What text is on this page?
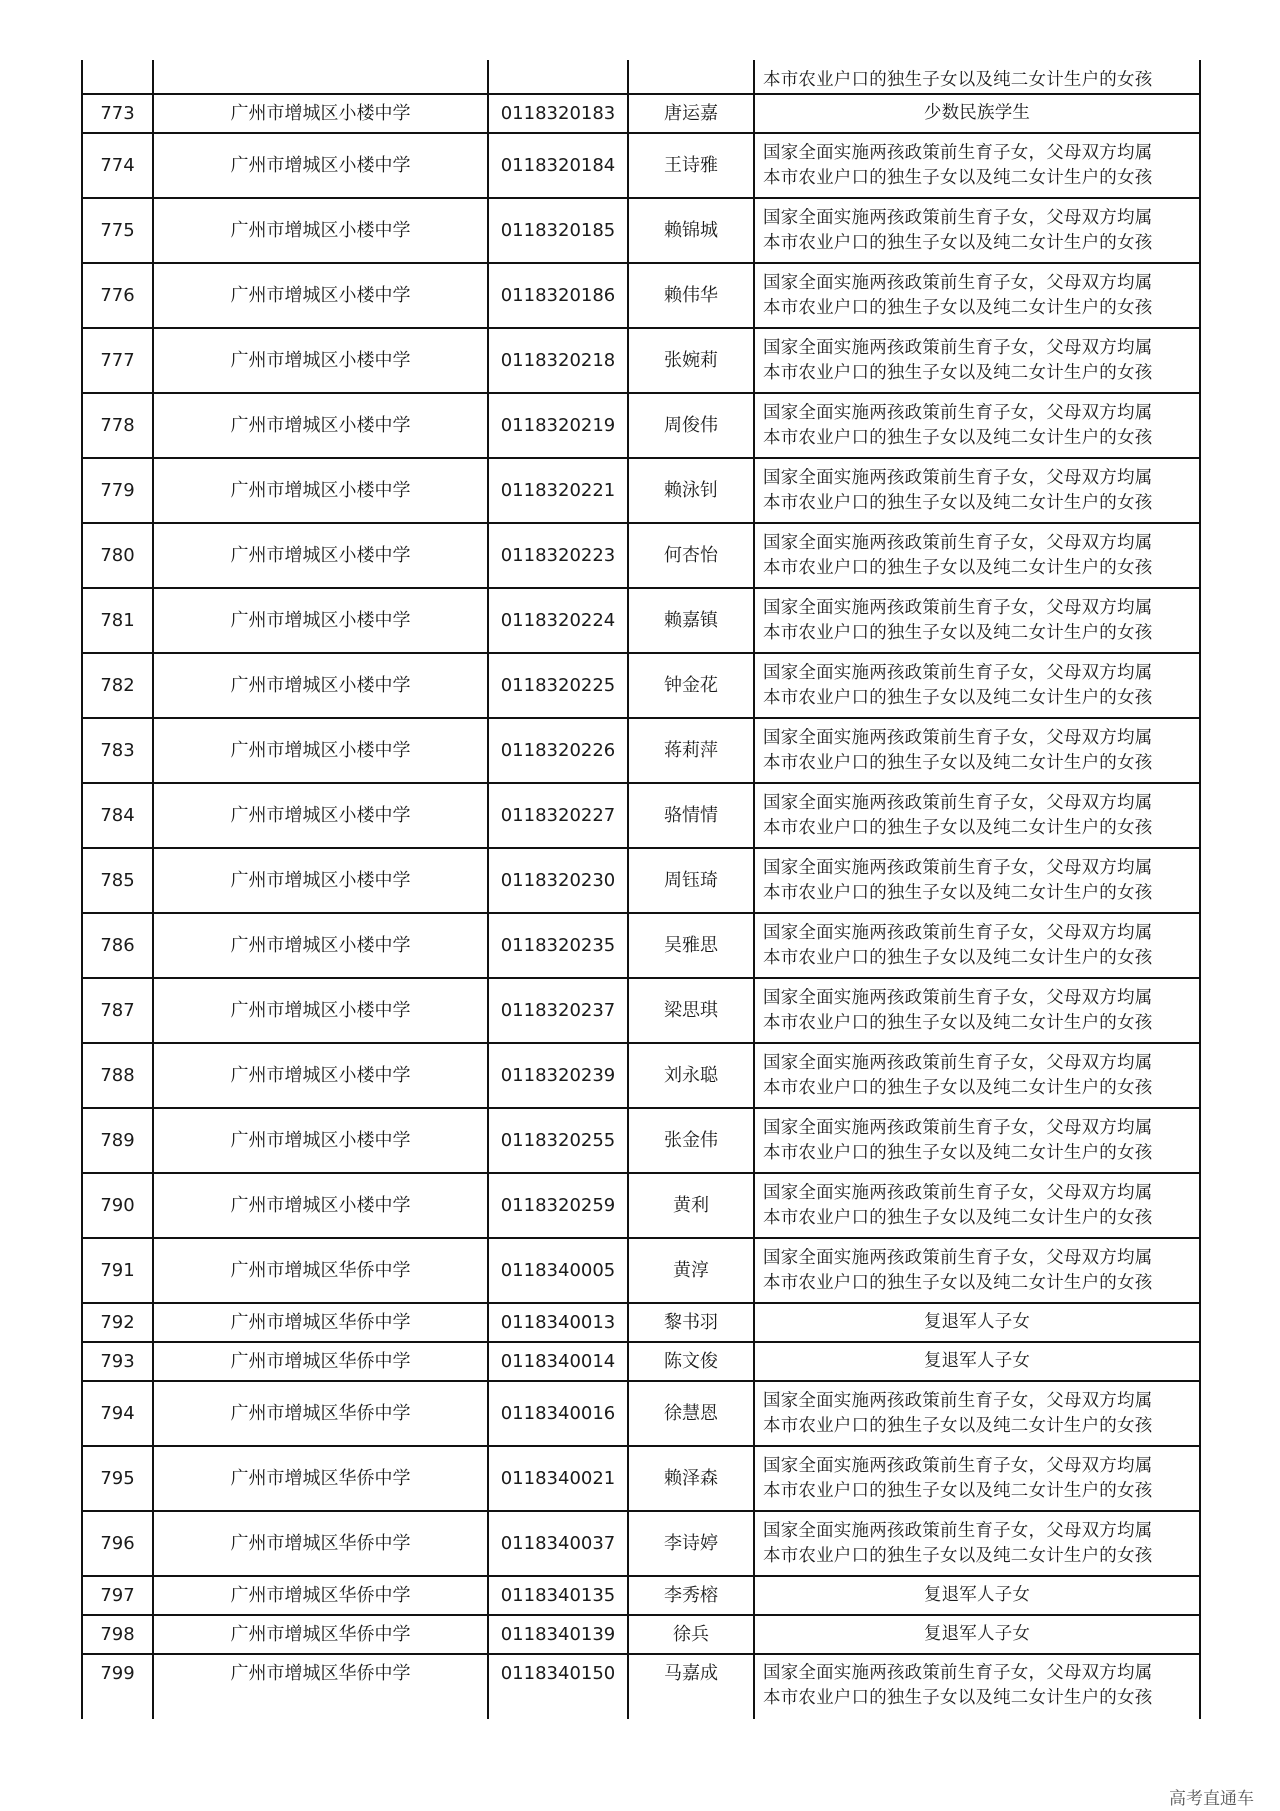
				本市农业户口的独生子女以及纯二女计生户的女孩
773	广州市增城区小楼中学	0118320183	唐运嘉	少数民族学生
774	广州市增城区小楼中学	0118320184	王诗雅	国家全面实施两孩政策前生育子女，父母双方均属
本市农业户口的独生子女以及纯二女计生户的女孩

775	广州市增城区小楼中学	0118320185	赖锦城	国家全面实施两孩政策前生育子女，父母双方均属
本市农业户口的独生子女以及纯二女计生户的女孩

776	广州市增城区小楼中学	0118320186	赖伟华	国家全面实施两孩政策前生育子女，父母双方均属
本市农业户口的独生子女以及纯二女计生户的女孩

777	广州市增城区小楼中学	0118320218	张婉莉	国家全面实施两孩政策前生育子女，父母双方均属
本市农业户口的独生子女以及纯二女计生户的女孩

778	广州市增城区小楼中学	0118320219	周俊伟	国家全面实施两孩政策前生育子女，父母双方均属
本市农业户口的独生子女以及纯二女计生户的女孩

779	广州市增城区小楼中学	0118320221	赖泳钊	国家全面实施两孩政策前生育子女，父母双方均属
本市农业户口的独生子女以及纯二女计生户的女孩

780	广州市增城区小楼中学	0118320223	何杏怡	国家全面实施两孩政策前生育子女，父母双方均属
本市农业户口的独生子女以及纯二女计生户的女孩

781	广州市增城区小楼中学	0118320224	赖嘉镇	国家全面实施两孩政策前生育子女，父母双方均属
本市农业户口的独生子女以及纯二女计生户的女孩

782	广州市增城区小楼中学	0118320225	钟金花	国家全面实施两孩政策前生育子女，父母双方均属
本市农业户口的独生子女以及纯二女计生户的女孩

783	广州市增城区小楼中学	0118320226	蒋莉萍	国家全面实施两孩政策前生育子女，父母双方均属
本市农业户口的独生子女以及纯二女计生户的女孩

784	广州市增城区小楼中学	0118320227	骆情情	国家全面实施两孩政策前生育子女，父母双方均属
本市农业户口的独生子女以及纯二女计生户的女孩

785	广州市增城区小楼中学	0118320230	周钰琦	国家全面实施两孩政策前生育子女，父母双方均属
本市农业户口的独生子女以及纯二女计生户的女孩

786	广州市增城区小楼中学	0118320235	吴雅思	国家全面实施两孩政策前生育子女，父母双方均属
本市农业户口的独生子女以及纯二女计生户的女孩

787	广州市增城区小楼中学	0118320237	梁思琪	国家全面实施两孩政策前生育子女，父母双方均属
本市农业户口的独生子女以及纯二女计生户的女孩

788	广州市增城区小楼中学	0118320239	刘永聪	国家全面实施两孩政策前生育子女，父母双方均属
本市农业户口的独生子女以及纯二女计生户的女孩

789	广州市增城区小楼中学	0118320255	张金伟	国家全面实施两孩政策前生育子女，父母双方均属
本市农业户口的独生子女以及纯二女计生户的女孩

790	广州市增城区小楼中学	0118320259	黄利	国家全面实施两孩政策前生育子女，父母双方均属
本市农业户口的独生子女以及纯二女计生户的女孩

791	广州市增城区华侨中学	0118340005	黄淳	国家全面实施两孩政策前生育子女，父母双方均属
本市农业户口的独生子女以及纯二女计生户的女孩

792	广州市增城区华侨中学	0118340013	黎书羽	复退军人子女
793	广州市增城区华侨中学	0118340014	陈文俊	复退军人子女
794	广州市增城区华侨中学	0118340016	徐慧恩	国家全面实施两孩政策前生育子女，父母双方均属
本市农业户口的独生子女以及纯二女计生户的女孩

795	广州市增城区华侨中学	0118340021	赖泽森	国家全面实施两孩政策前生育子女，父母双方均属
本市农业户口的独生子女以及纯二女计生户的女孩

796	广州市增城区华侨中学	0118340037	李诗婷	国家全面实施两孩政策前生育子女，父母双方均属
本市农业户口的独生子女以及纯二女计生户的女孩

797	广州市增城区华侨中学	0118340135	李秀榕	复退军人子女
798	广州市增城区华侨中学	0118340139	徐兵	复退军人子女
799	广州市增城区华侨中学	0118340150	马嘉成	国家全面实施两孩政策前生育子女，父母双方均属
本市农业户口的独生子女以及纯二女计生户的女孩
高考直通车
